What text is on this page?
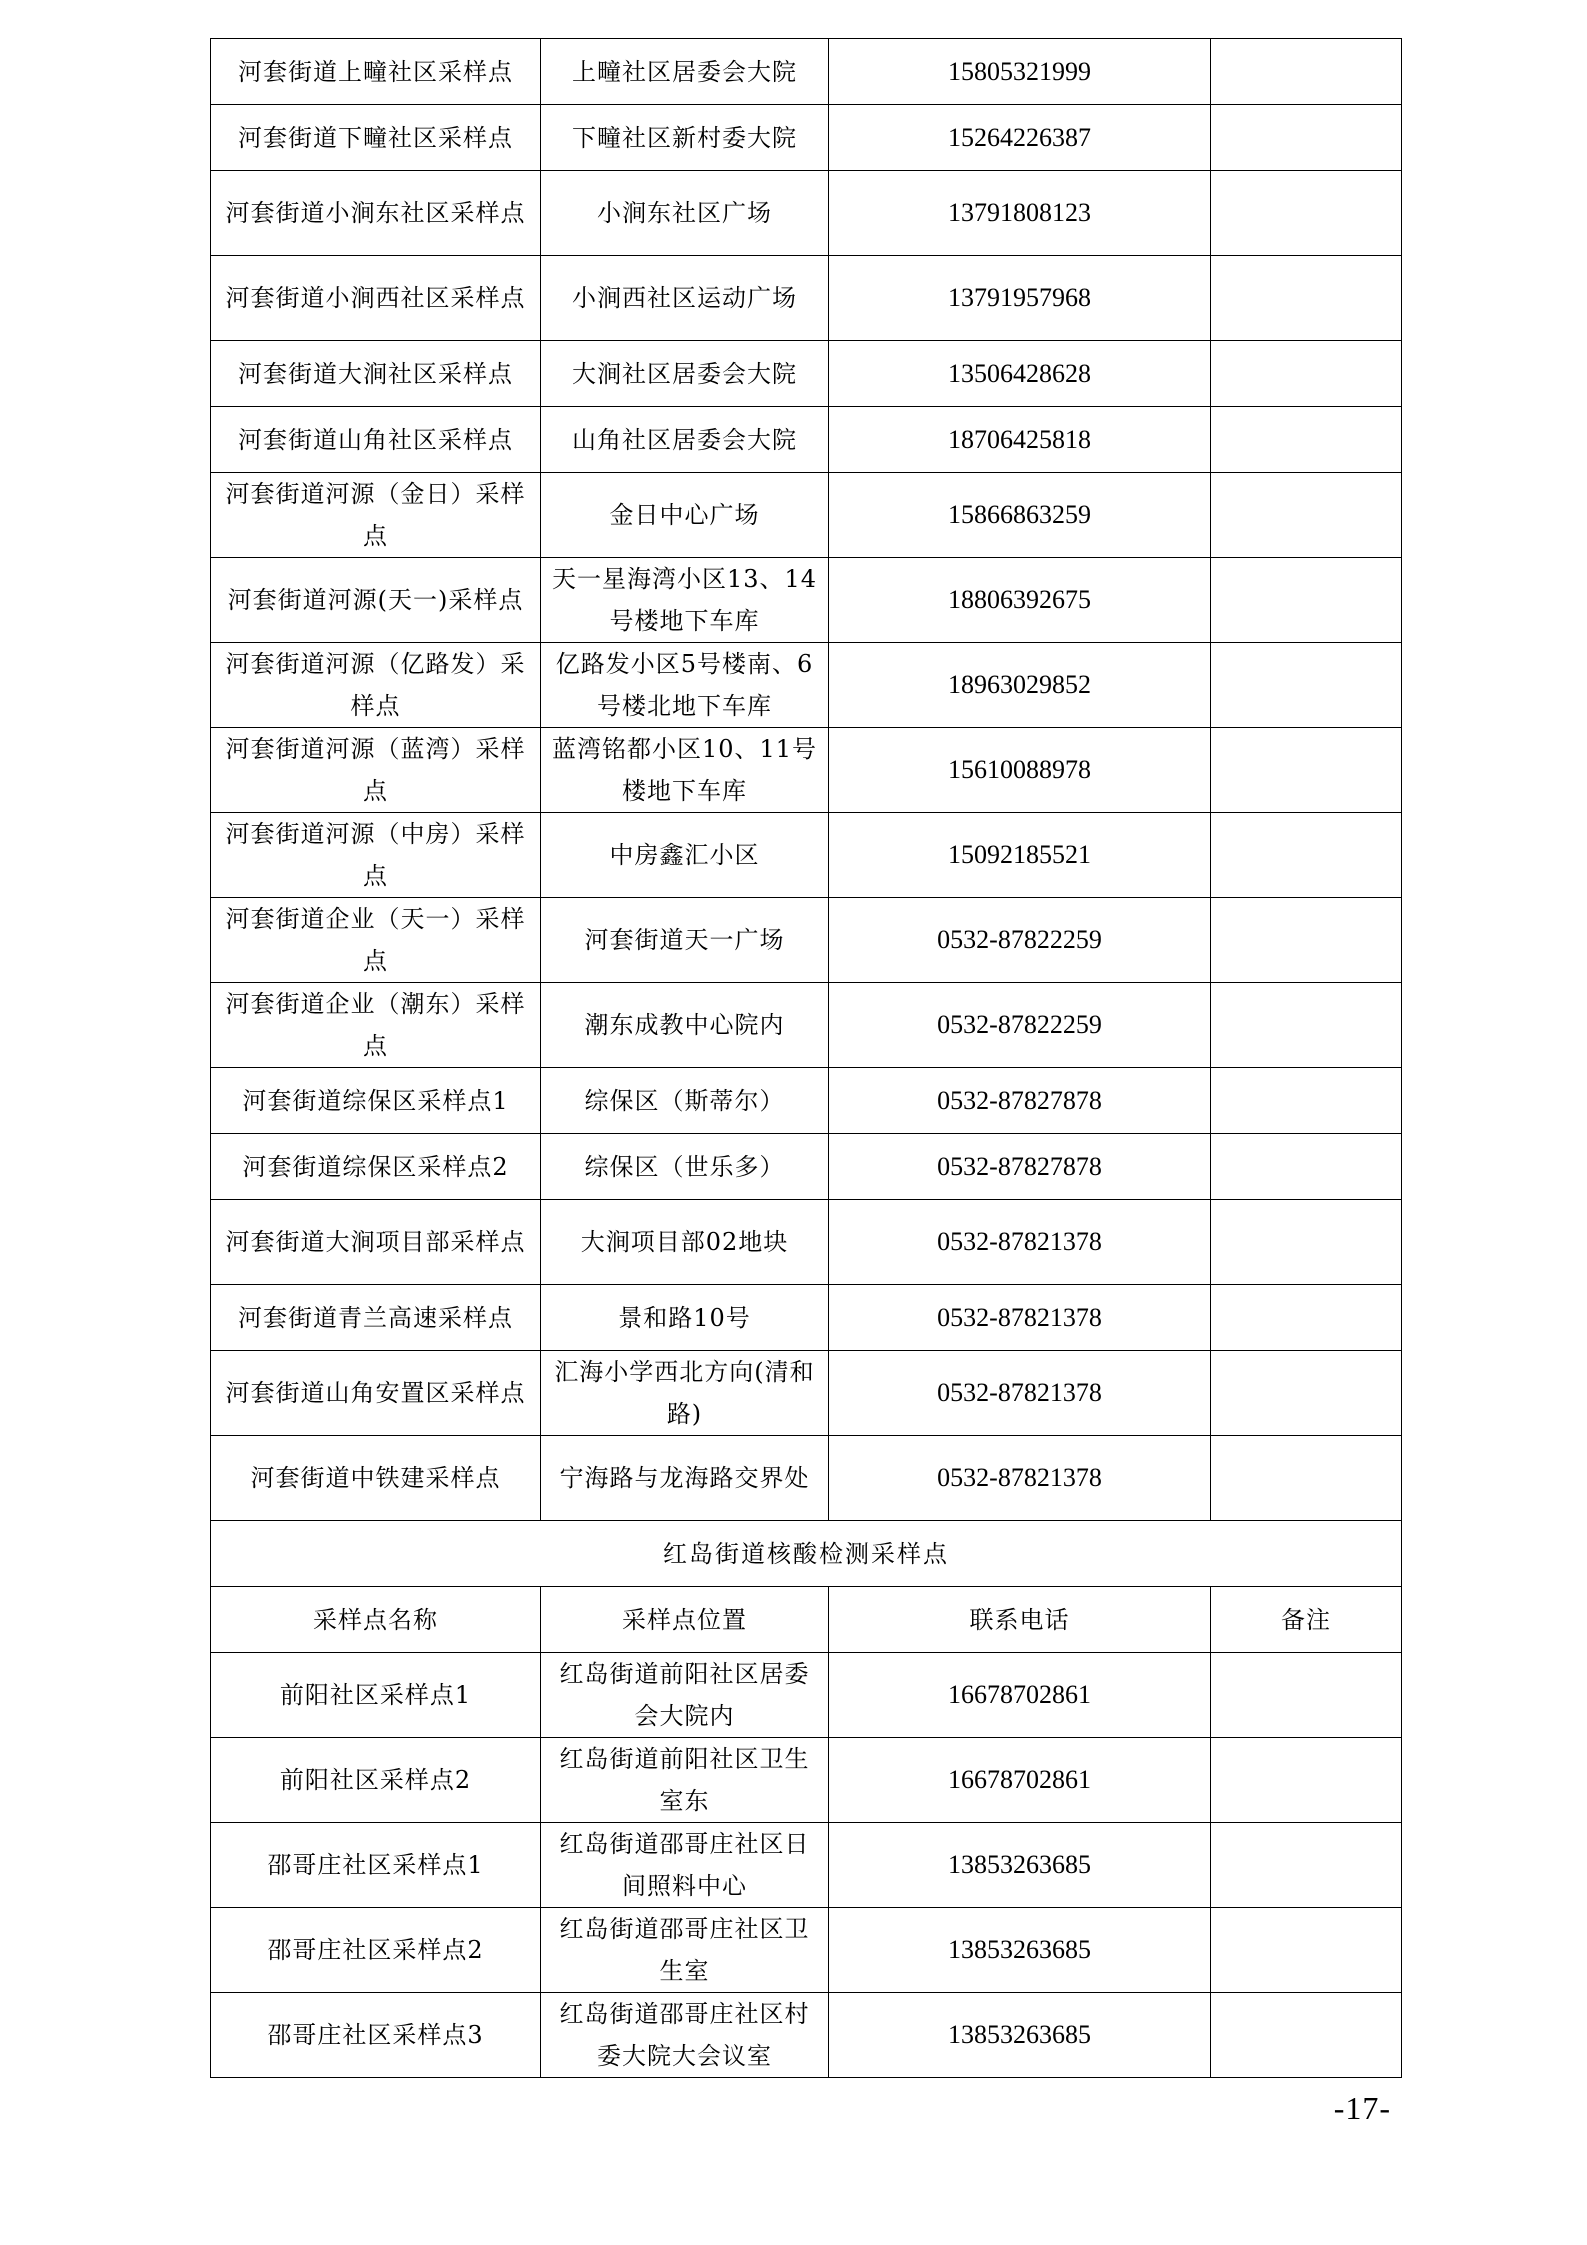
河套街道上疃社区采样点	上疃社区居委会大院	15805321999	
河套街道下疃社区采样点	下疃社区新村委大院	15264226387	
河套街道小涧东社区采样点	小涧东社区广场	13791808123	
河套街道小涧西社区采样点	小涧西社区运动广场	13791957968	
河套街道大涧社区采样点	大涧社区居委会大院	13506428628	
河套街道山角社区采样点	山角社区居委会大院	18706425818	
河套街道河源（金日）采样点	金日中心广场	15866863259	
河套街道河源(天一)采样点	天一星海湾小区13、14号楼地下车库	18806392675	
河套街道河源（亿路发）采样点	亿路发小区5号楼南、6号楼北地下车库	18963029852	
河套街道河源（蓝湾）采样点	蓝湾铭都小区10、11号楼地下车库	15610088978	
河套街道河源（中房）采样点	中房鑫汇小区	15092185521	
河套街道企业（天一）采样点	河套街道天一广场	0532-87822259	
河套街道企业（潮东）采样点	潮东成教中心院内	0532-87822259	
河套街道综保区采样点1	综保区（斯蒂尔）	0532-87827878	
河套街道综保区采样点2	综保区（世乐多）	0532-87827878	
河套街道大涧项目部采样点	大涧项目部02地块	0532-87821378	
河套街道青兰高速采样点	景和路10号	0532-87821378	
河套街道山角安置区采样点	汇海小学西北方向(清和路)	0532-87821378	
河套街道中铁建采样点	宁海路与龙海路交界处	0532-87821378	
红岛街道核酸检测采样点			
采样点名称	采样点位置	联系电话	备注
前阳社区采样点1	红岛街道前阳社区居委会大院内	16678702861	
前阳社区采样点2	红岛街道前阳社区卫生室东	16678702861	
邵哥庄社区采样点1	红岛街道邵哥庄社区日间照料中心	13853263685	
邵哥庄社区采样点2	红岛街道邵哥庄社区卫生室	13853263685	
邵哥庄社区采样点3	红岛街道邵哥庄社区村委大院大会议室	13853263685	
-17-
